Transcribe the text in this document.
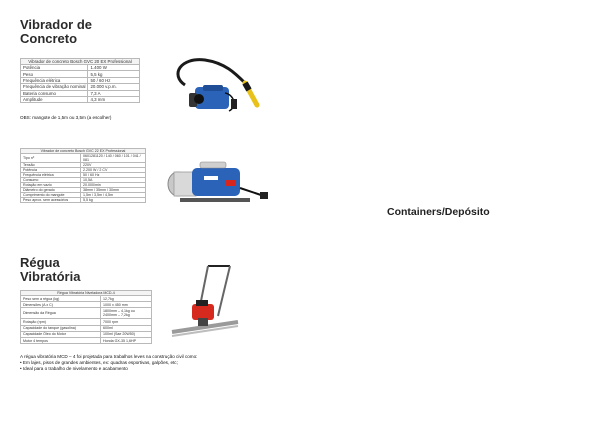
Vibrador de
Concreto
Régua
Vibratória
Containers/Depósito
Vibrador de concreto Bosch GVC 20 EX Professional	
Potência	1.400 W
Peso	5,5 kg
Frequência elétrica	50 / 60 Hz
Frequência de vibração nominal	20.000 v.p.m.
Bateria consumo	7,3 A
Amplitude	4,3 mm
OBS: mangote de 1,5m ou 3,5m (a escolher)
Vibrador de concreto Bosch GVC 22 EX Professional	
Tipo nº	0601281120 / 140 / 060 / 101 / 041 / 081
Tensão	220V
Potência	2.200 W / 2 CV
Frequência elétrica	50 / 60 Hz
Consumo	10,5A
Rotação em vazio	20.000/min
Diâmetro do gerado	38mm / 35mm / 30mm
Comprimento do mangote	1,5m / 3,5m / 4,5m
Peso aprox. sem acessórios	5,5 kg
Régua Vibratória Niveladora MCD-4	
Peso sem a régua (kg)	12,7kg
Dimensões (A x C)	1000 x 450 mm
Dimensão da Régua	1800mm – 4,1kg ou 2400mm – 7,2kg
Rotação (rpm)	7000 rpm
Capacidade do tanque (gasolina)	600ml
Capacidade Óleo do Motor	100ml (Sae 20W50)
Motor 4 tempos	Honda GX-35 1,6HP
A régua vibratória MCD – 4 foi projetada para trabalhos leves na construção civil como:
• Em lajes, pisos de grandes ambientes, ex: quadras esportivas, galpões, etc;
• Ideal para o trabalho de nivelamento e acabamento
